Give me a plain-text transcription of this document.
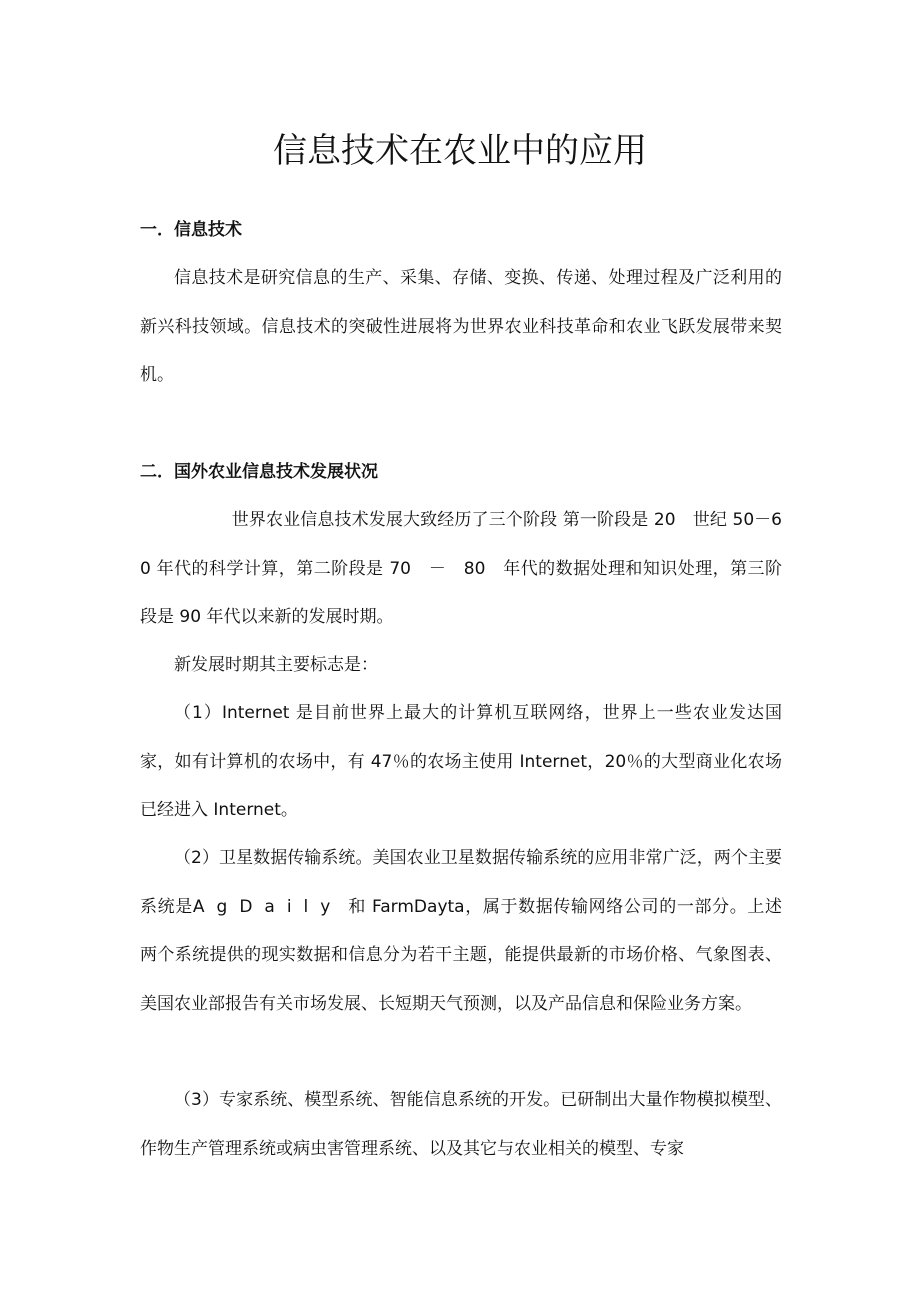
信息技术在农业中的应用
一．信息技术

信息技术是研究信息的生产、采集、存储、变换、传递、处理过程及广泛利用的新兴科技领域。信息技术的突破性进展将为世界农业科技革命和农业飞跃发展带来契机。

二．国外农业信息技术发展状况

世界农业信息技术发展大致经历了三个阶段 第一阶段是 20　世纪 50－60 年代的科学计算，第二阶段是 70　－　80　年代的数据处理和知识处理，第三阶段是 90 年代以来新的发展时期。

新发展时期其主要标志是：

（1）Internet 是目前世界上最大的计算机互联网络，世界上一些农业发达国家，如有计算机的农场中，有 47％的农场主使用 Internet，20％的大型商业化农场已经进入 Internet。

（2）卫星数据传输系统。美国农业卫星数据传输系统的应用非常广泛，两个主要系统是AgDaily 和 FarmDayta，属于数据传输网络公司的一部分。上述两个系统提供的现实数据和信息分为若干主题，能提供最新的市场价格、气象图表、美国农业部报告有关市场发展、长短期天气预测，以及产品信息和保险业务方案。

（3）专家系统、模型系统、智能信息系统的开发。已研制出大量作物模拟模型、作物生产管理系统或病虫害管理系统、以及其它与农业相关的模型、专家
